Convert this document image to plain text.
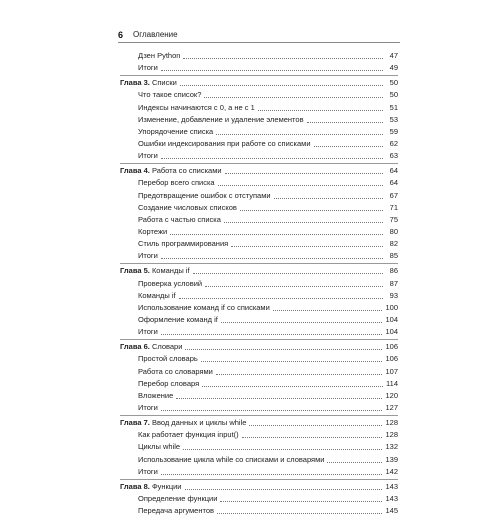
6 Оглавление
Дзен Python	47
Итоги	49
Глава 3. Списки	50
Что такое список?	50
Индексы начинаются с 0, а не с 1	51
Изменение, добавление и удаление элементов	53
Упорядочение списка	59
Ошибки индексирования при работе со списками	62
Итоги	63
Глава 4. Работа со списками	64
Перебор всего списка	64
Предотвращение ошибок с отступами	67
Создание числовых списков	71
Работа с частью списка	75
Кортежи	80
Стиль программирования	82
Итоги	85
Глава 5. Команды if	86
Проверка условий	87
Команды if	93
Использование команд if со списками	100
Оформление команд if	104
Итоги	104
Глава 6. Словари	106
Простой словарь	106
Работа со словарями	107
Перебор словаря	114
Вложение	120
Итоги	127
Глава 7. Ввод данных и циклы while	128
Как работает функция input()	128
Циклы while	132
Использование цикла while со списками и словарями	139
Итоги	142
Глава 8. Функции	143
Определение функции	143
Передача аргументов	145
